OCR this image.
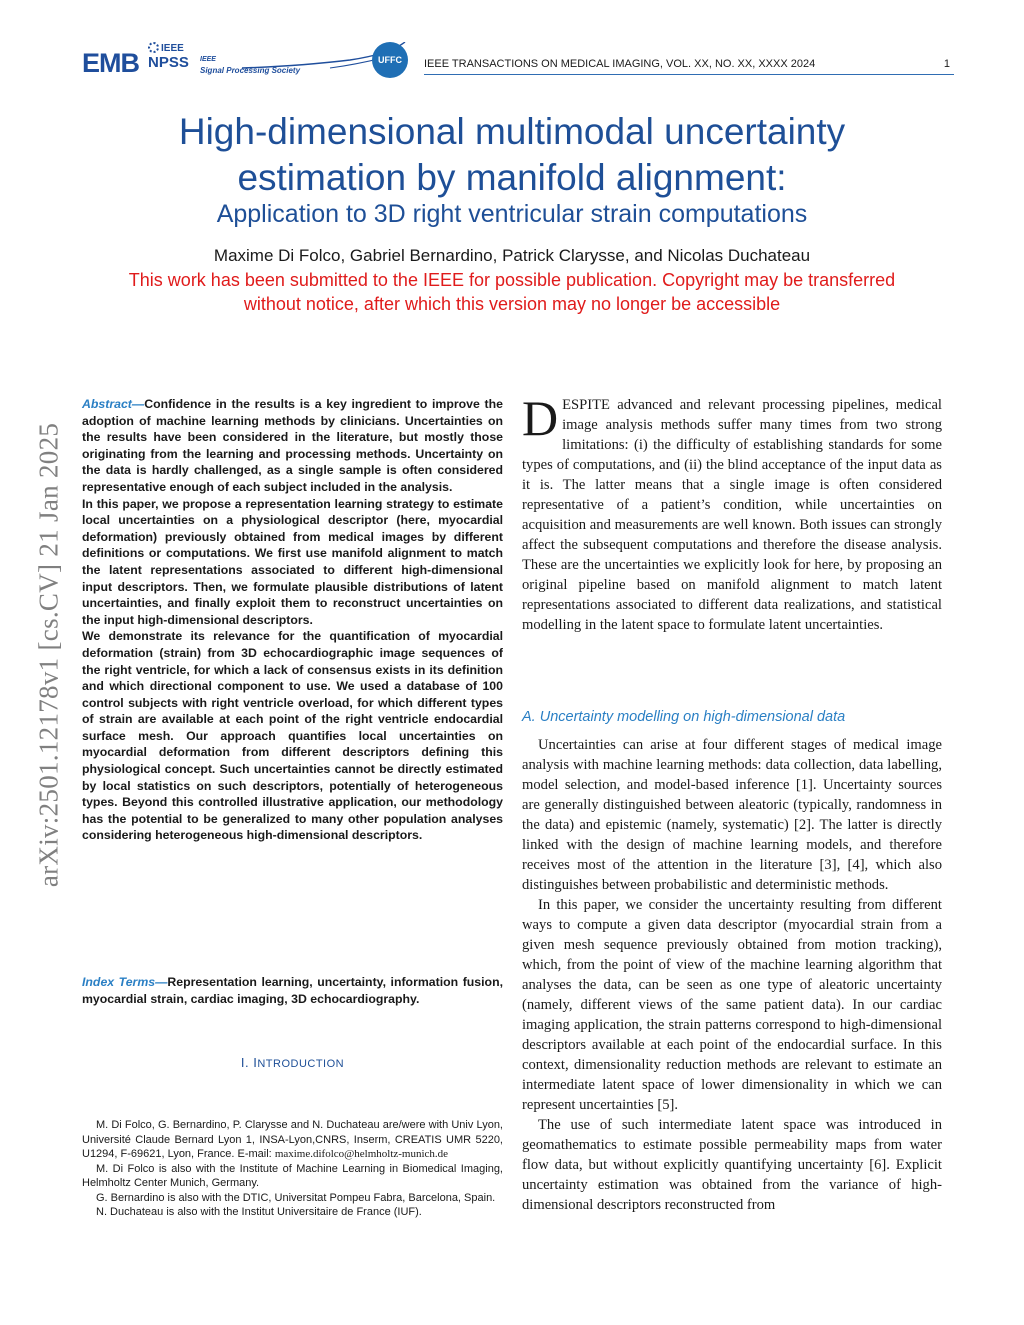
EMB IEEE
NPSS IEEE
Signal Processing Society
UFFC	IEEE TRANSACTIONS ON MEDICAL IMAGING, VOL. XX, NO. XX, XXXX 2024	1
High-dimensional multimodal uncertainty
estimation by manifold alignment:
Application to 3D right ventricular strain computations
Maxime Di Folco, Gabriel Bernardino, Patrick Clarysse, and Nicolas Duchateau
This work has been submitted to the IEEE for possible publication. Copyright may be transferred
without notice, after which this version may no longer be accessible
arXiv:2501.12178v1 [cs.CV] 21 Jan 2025

Abstract—Confidence in the results is a key ingredient to improve the adoption of machine learning methods by clinicians. Uncertainties on the results have been considered in the literature, but mostly those originating from the learning and processing methods. Uncertainty on the data is hardly challenged, as a single sample is often considered representative enough of each subject included in the analysis.

In this paper, we propose a representation learning strategy to estimate local uncertainties on a physiological descriptor (here, myocardial deformation) previously obtained from medical images by different definitions or computations. We first use manifold alignment to match the latent representations associated to different high-dimensional input descriptors. Then, we formulate plausible distributions of latent uncertainties, and finally exploit them to reconstruct uncertainties on the input high-dimensional descriptors.

We demonstrate its relevance for the quantification of myocardial deformation (strain) from 3D echocardiographic image sequences of the right ventricle, for which a lack of consensus exists in its definition and which directional component to use. We used a database of 100 control subjects with right ventricle overload, for which different types of strain are available at each point of the right ventricle endocardial surface mesh. Our approach quantifies local uncertainties on myocardial deformation from different descriptors defining this physiological concept. Such uncertainties cannot be directly estimated by local statistics on such descriptors, potentially of heterogeneous types. Beyond this controlled illustrative application, our methodology has the potential to be generalized to many other population analyses considering heterogeneous high-dimensional descriptors.

Index Terms—Representation learning, uncertainty, information fusion, myocardial strain, cardiac imaging, 3D echocardiography.
I. INTRODUCTION

M. Di Folco, G. Bernardino, P. Clarysse and N. Duchateau are/were with Univ Lyon, Université Claude Bernard Lyon 1, INSA-Lyon,CNRS, Inserm, CREATIS UMR 5220, U1294, F-69621, Lyon, France. E-mail: maxime.difolco@helmholtz-munich.de

M. Di Folco is also with the Institute of Machine Learning in Biomedical Imaging, Helmholtz Center Munich, Germany.

G. Bernardino is also with the DTIC, Universitat Pompeu Fabra, Barcelona, Spain.

N. Duchateau is also with the Institut Universitaire de France (IUF).

DESPITE advanced and relevant processing pipelines, medical image analysis methods suffer many times from two strong limitations: (i) the difficulty of establishing standards for some types of computations, and (ii) the blind acceptance of the input data as it is. The latter means that a single image is often considered representative of a patient’s condition, while uncertainties on acquisition and measurements are well known. Both issues can strongly affect the subsequent computations and therefore the disease analysis. These are the uncertainties we explicitly look for here, by proposing an original pipeline based on manifold alignment to match latent representations associated to different data realizations, and statistical modelling in the latent space to formulate latent uncertainties.

A. Uncertainty modelling on high-dimensional data

Uncertainties can arise at four different stages of medical image analysis with machine learning methods: data collection, data labelling, model selection, and model-based inference [1]. Uncertainty sources are generally distinguished between aleatoric (typically, randomness in the data) and epistemic (namely, systematic) [2]. The latter is directly linked with the design of machine learning models, and therefore receives most of the attention in the literature [3], [4], which also distinguishes between probabilistic and deterministic methods.

In this paper, we consider the uncertainty resulting from different ways to compute a given data descriptor (myocardial strain from a given mesh sequence previously obtained from motion tracking), which, from the point of view of the machine learning algorithm that analyses the data, can be seen as one type of aleatoric uncertainty (namely, different views of the same patient data). In our cardiac imaging application, the strain patterns correspond to high-dimensional descriptors available at each point of the endocardial surface. In this context, dimensionality reduction methods are relevant to estimate an intermediate latent space of lower dimensionality in which we can represent uncertainties [5].

The use of such intermediate latent space was introduced in geomathematics to estimate possible permeability maps from water flow data, but without explicitly quantifying uncertainty [6]. Explicit uncertainty estimation was obtained from the variance of high-dimensional descriptors reconstructed from
